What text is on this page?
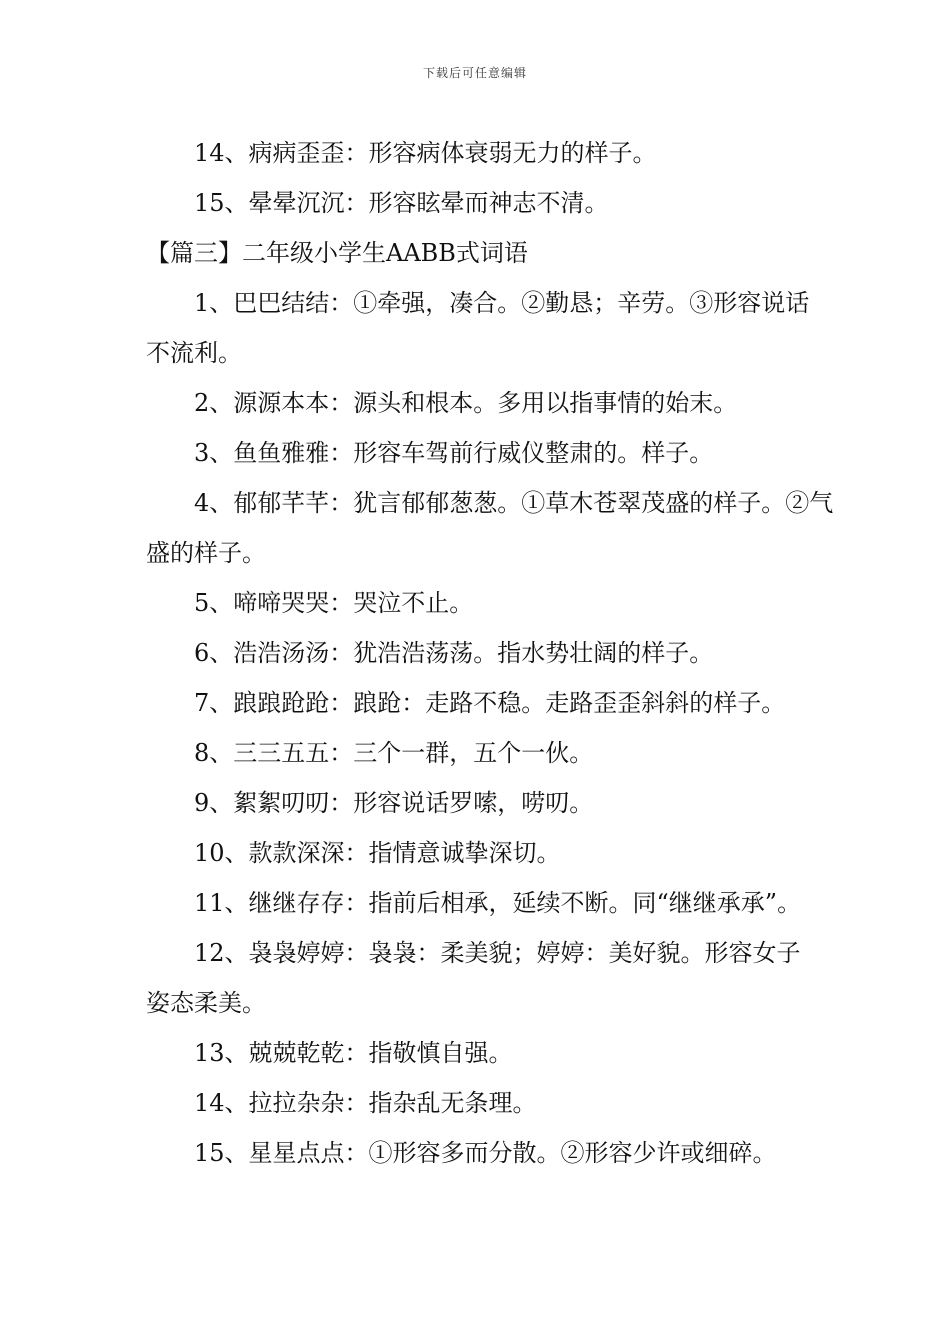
下载后可任意编辑

14、病病歪歪：形容病体衰弱无力的样子。

15、晕晕沉沉：形容眩晕而神志不清。

【篇三】二年级小学生AABB式词语

1、巴巴结结：①牵强，凑合。②勤恳；辛劳。③形容说话不流利。

2、源源本本：源头和根本。多用以指事情的始末。

3、鱼鱼雅雅：形容车驾前行威仪整肃的。样子。

4、郁郁芊芊：犹言郁郁葱葱。①草木苍翠茂盛的样子。②气盛的样子。

5、啼啼哭哭：哭泣不止。

6、浩浩汤汤：犹浩浩荡荡。指水势壮阔的样子。

7、踉踉跄跄：踉跄：走路不稳。走路歪歪斜斜的样子。

8、三三五五：三个一群，五个一伙。

9、絮絮叨叨：形容说话罗嗦，唠叨。

10、款款深深：指情意诚挚深切。

11、继继存存：指前后相承，延续不断。同“继继承承”。

12、袅袅婷婷：袅袅：柔美貌；婷婷：美好貌。形容女子姿态柔美。

13、兢兢乾乾：指敬慎自强。

14、拉拉杂杂：指杂乱无条理。

15、星星点点：①形容多而分散。②形容少许或细碎。
